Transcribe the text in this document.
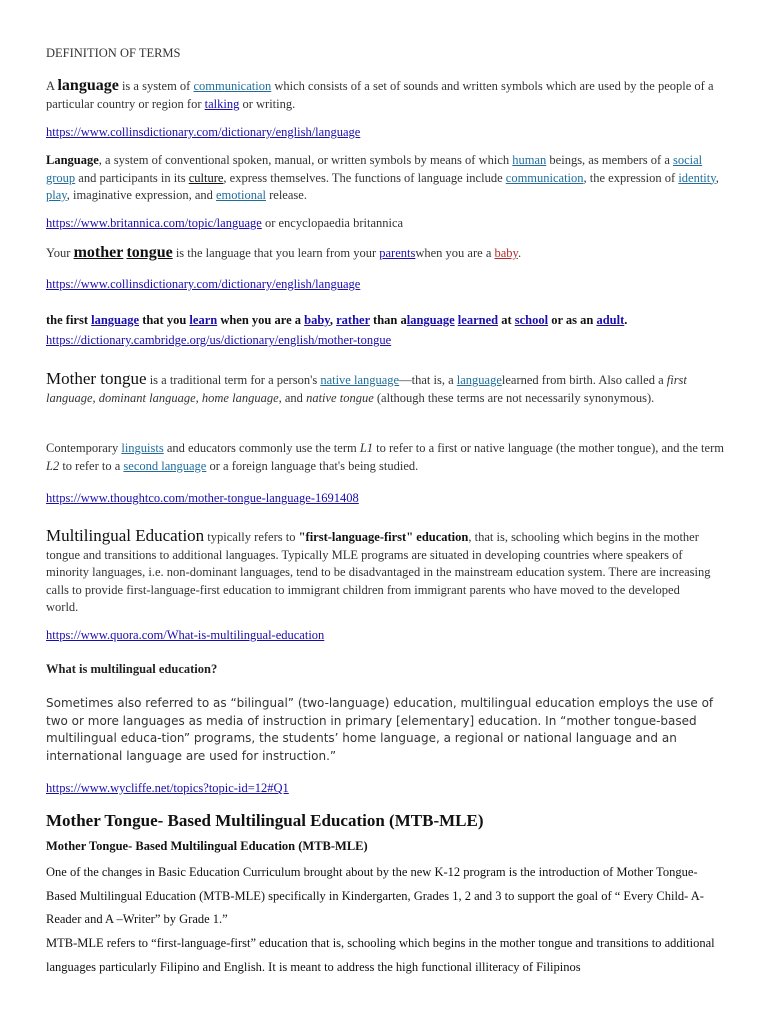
DEFINITION OF TERMS
A language is a system of communication which consists of a set of sounds and written symbols which are used by the people of a particular country or region for talking or writing.
https://www.collinsdictionary.com/dictionary/english/language
Language, a system of conventional spoken, manual, or written symbols by means of which human beings, as members of a social group and participants in its culture, express themselves. The functions of language include communication, the expression of identity, play, imaginative expression, and emotional release.
https://www.britannica.com/topic/language or encyclopaedia britannica
Your mother tongue is the language that you learn from your parentswhen you are a baby.
https://www.collinsdictionary.com/dictionary/english/language
the first language that you learn when you are a baby, rather than alanguage learned at school or as an adult.
https://dictionary.cambridge.org/us/dictionary/english/mother-tongue
Mother tongue is a traditional term for a person's native language—that is, a languagelearned from birth. Also called a first language, dominant language, home language, and native tongue (although these terms are not necessarily synonymous).
Contemporary linguists and educators commonly use the term L1 to refer to a first or native language (the mother tongue), and the term L2 to refer to a second language or a foreign language that's being studied.
https://www.thoughtco.com/mother-tongue-language-1691408
Multilingual Education typically refers to "first-language-first" education, that is, schooling which begins in the mother tongue and transitions to additional languages. Typically MLE programs are situated in developing countries where speakers of minority languages, i.e. non-dominant languages, tend to be disadvantaged in the mainstream education system. There are increasing calls to provide first-language-first education to immigrant children from immigrant parents who have moved to the developed world.
https://www.quora.com/What-is-multilingual-education
What is multilingual education?
Sometimes also referred to as “bilingual” (two-language) education, multilingual education employs the use of two or more languages as media of instruction in primary [elementary] education. In “mother tongue-based multilingual educa-tion” programs, the students’ home language, a regional or national language and an international language are used for instruction.”
https://www.wycliffe.net/topics?topic-id=12#Q1
Mother Tongue- Based Multilingual Education (MTB-MLE)
Mother Tongue- Based Multilingual Education (MTB-MLE)
One of the changes in Basic Education Curriculum brought about by the new K-12 program is the introduction of Mother Tongue- Based Multilingual Education (MTB-MLE) specifically in Kindergarten, Grades 1, 2 and 3 to support the goal of “ Every Child- A- Reader and A –Writer” by Grade 1.”
MTB-MLE refers to “first-language-first” education that is, schooling which begins in the mother tongue and transitions to additional languages particularly Filipino and English. It is meant to address the high functional illiteracy of Filipinos
